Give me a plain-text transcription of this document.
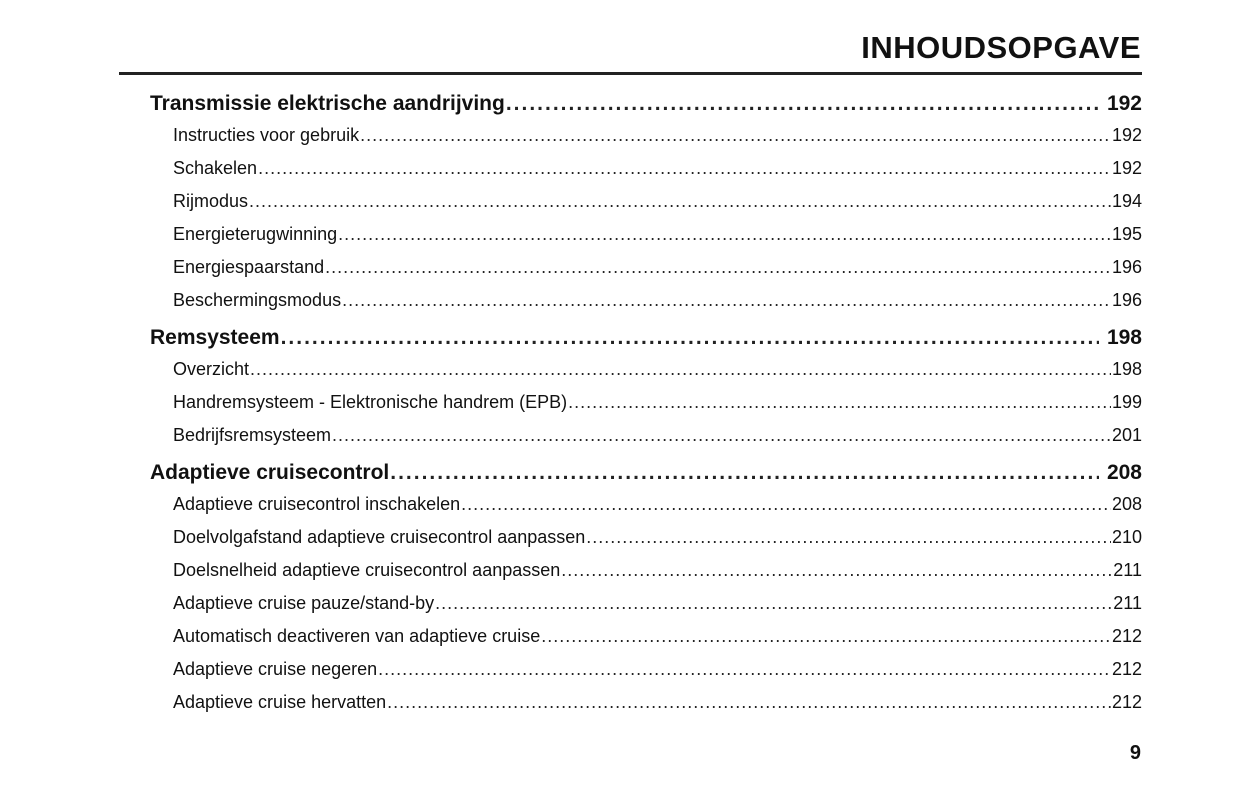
INHOUDSOPGAVE
Transmissie elektrische aandrijving .....	192
Instructies voor gebruik .....	192
Schakelen .....	192
Rijmodus .....	194
Energieterugwinning .....	195
Energiespaarstand .....	196
Beschermingsmodus .....	196
Remsysteem .....	198
Overzicht .....	198
Handremsysteem - Elektronische handrem (EPB) .....	199
Bedrijfsremsysteem .....	201
Adaptieve cruisecontrol .....	208
Adaptieve cruisecontrol inschakelen .....	208
Doelvolgafstand adaptieve cruisecontrol aanpassen .....	210
Doelsnelheid adaptieve cruisecontrol aanpassen .....	211
Adaptieve cruise pauze/stand-by .....	211
Automatisch deactiveren van adaptieve cruise .....	212
Adaptieve cruise negeren .....	212
Adaptieve cruise hervatten .....	212
9
